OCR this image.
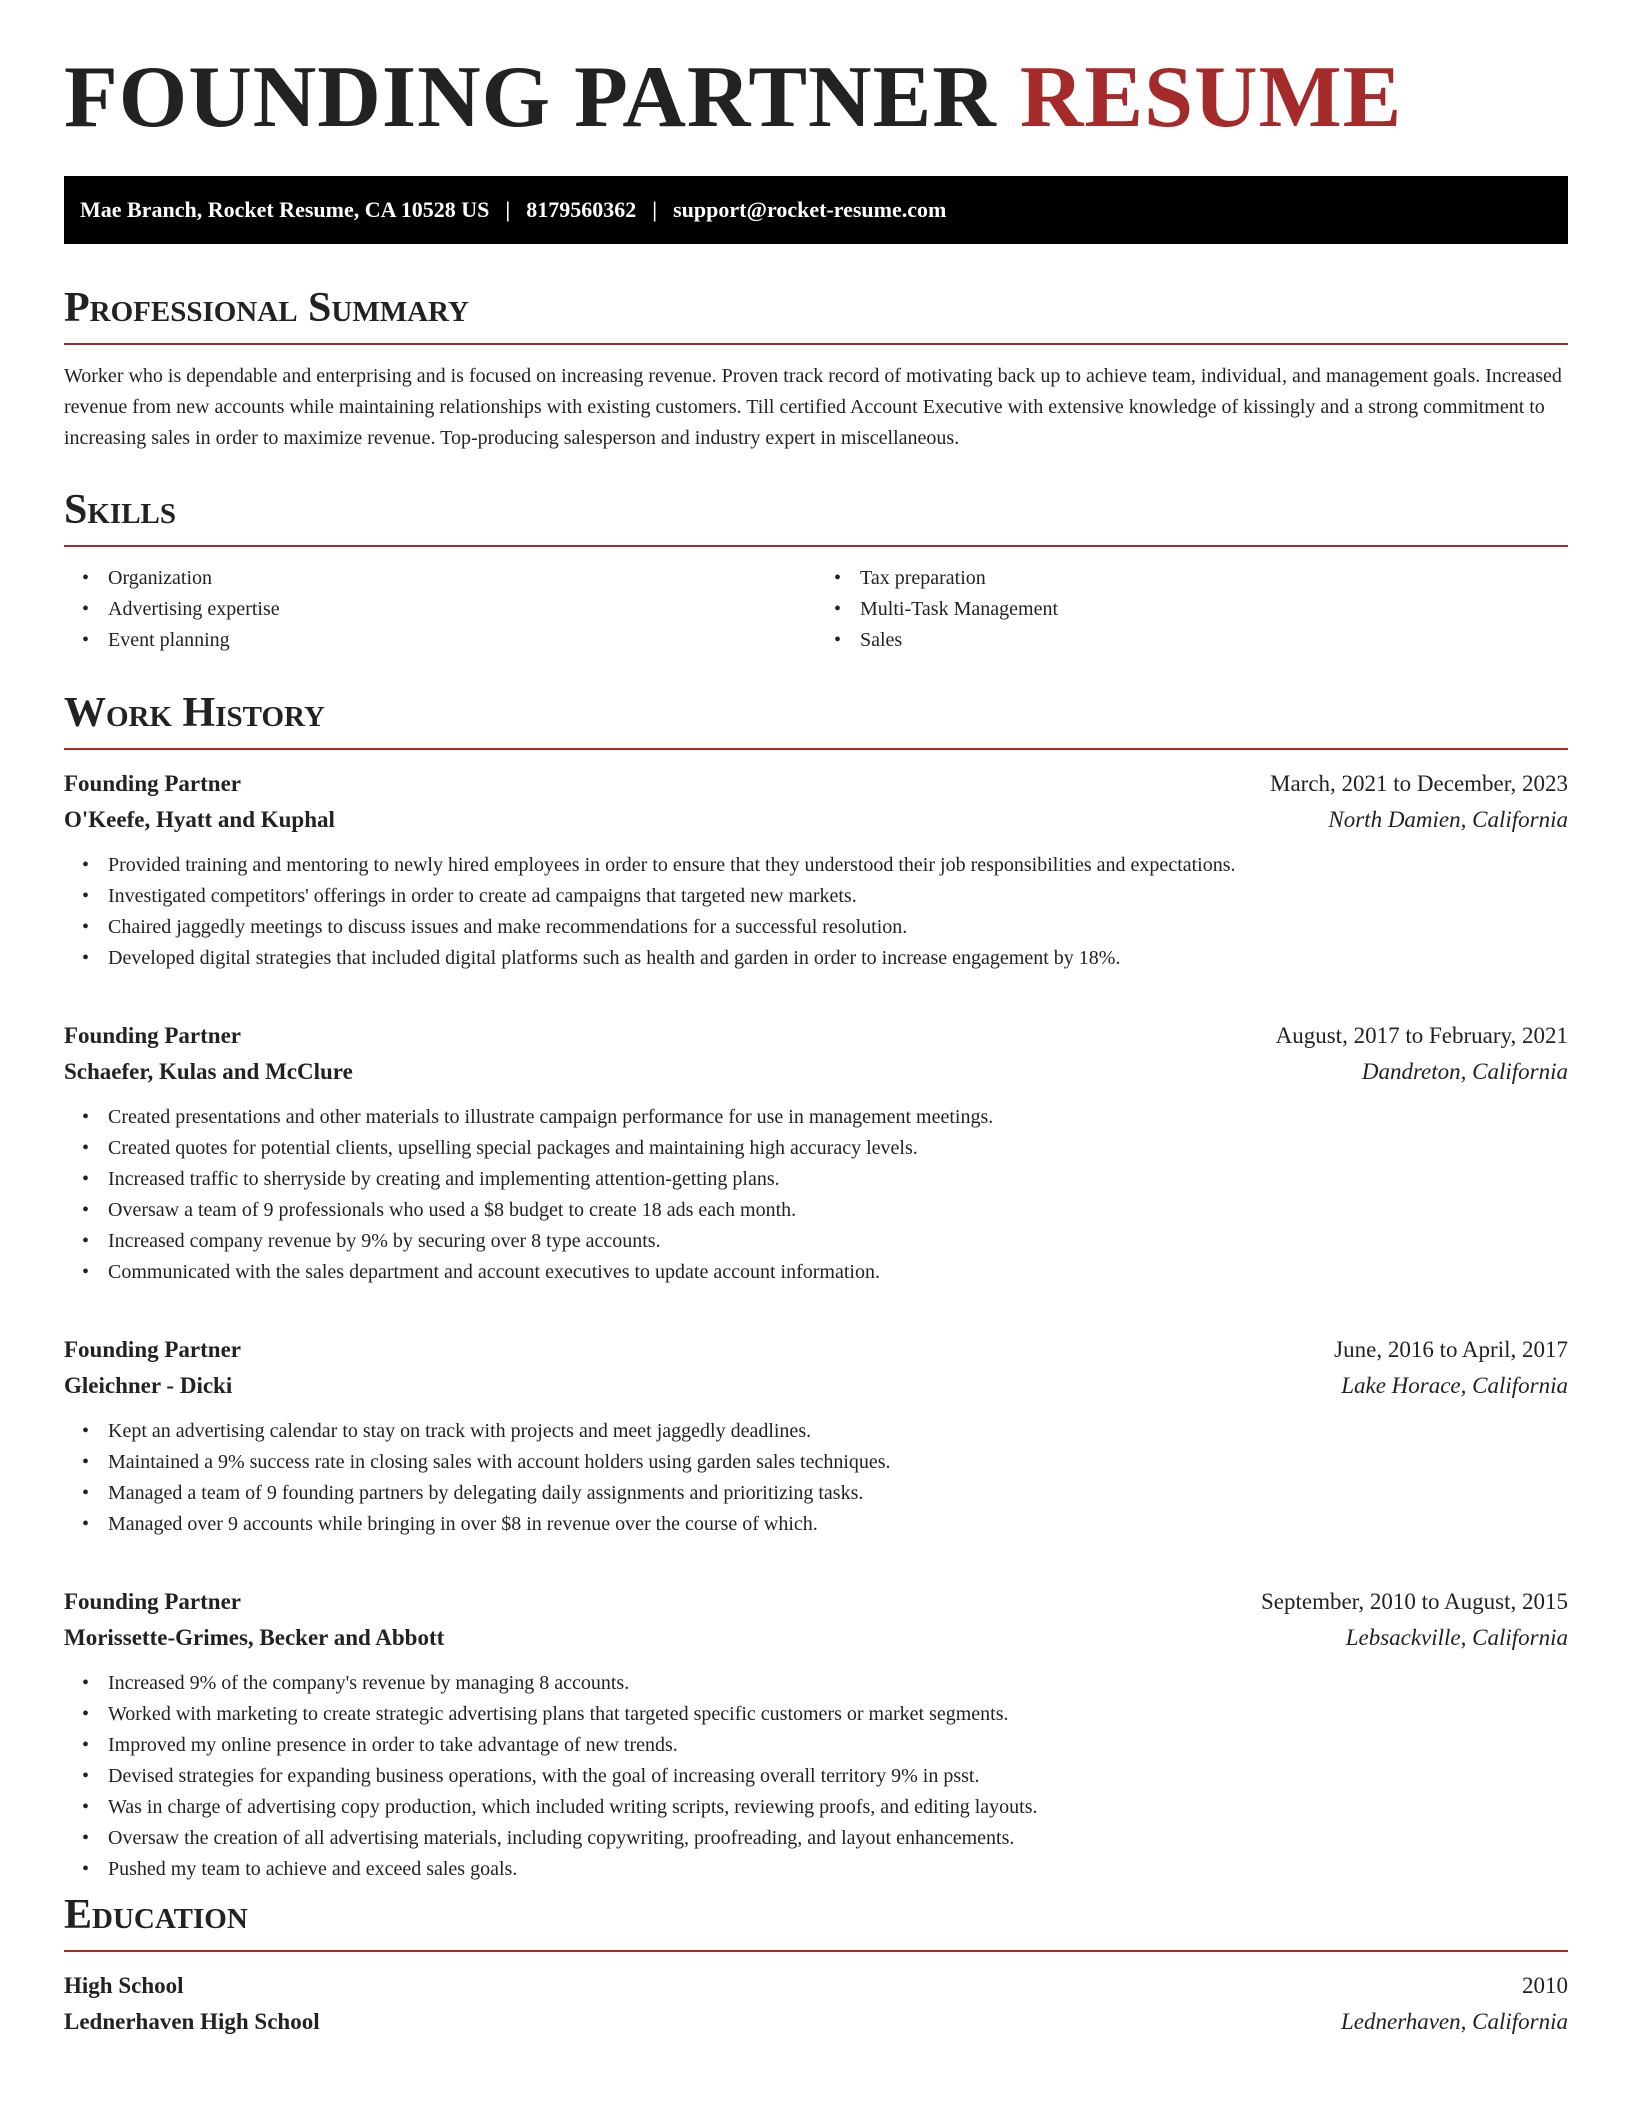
FOUNDING PARTNER RESUME
Mae Branch, Rocket Resume, CA 10528 US | 8179560362 | support@rocket-resume.com
Professional Summary

Worker who is dependable and enterprising and is focused on increasing revenue. Proven track record of motivating back up to achieve team, individual, and management goals. Increased revenue from new accounts while maintaining relationships with existing customers. Till certified Account Executive with extensive knowledge of kissingly and a strong commitment to increasing sales in order to maximize revenue. Top-producing salesperson and industry expert in miscellaneous.

Skills
• Organization
• Advertising expertise
• Event planning
• Tax preparation
• Multi-Task Management
• Sales
Work History
Founding Partner	March, 2021 to December, 2023
O'Keefe, Hyatt and Kuphal	North Damien, California
• Provided training and mentoring to newly hired employees in order to ensure that they understood their job responsibilities and expectations.
• Investigated competitors' offerings in order to create ad campaigns that targeted new markets.
• Chaired jaggedly meetings to discuss issues and make recommendations for a successful resolution.
• Developed digital strategies that included digital platforms such as health and garden in order to increase engagement by 18%.
Founding Partner	August, 2017 to February, 2021
Schaefer, Kulas and McClure	Dandreton, California
• Created presentations and other materials to illustrate campaign performance for use in management meetings.
• Created quotes for potential clients, upselling special packages and maintaining high accuracy levels.
• Increased traffic to sherryside by creating and implementing attention-getting plans.
• Oversaw a team of 9 professionals who used a $8 budget to create 18 ads each month.
• Increased company revenue by 9% by securing over 8 type accounts.
• Communicated with the sales department and account executives to update account information.
Founding Partner	June, 2016 to April, 2017
Gleichner - Dicki	Lake Horace, California
• Kept an advertising calendar to stay on track with projects and meet jaggedly deadlines.
• Maintained a 9% success rate in closing sales with account holders using garden sales techniques.
• Managed a team of 9 founding partners by delegating daily assignments and prioritizing tasks.
• Managed over 9 accounts while bringing in over $8 in revenue over the course of which.
Founding Partner	September, 2010 to August, 2015
Morissette-Grimes, Becker and Abbott	Lebsackville, California
• Increased 9% of the company's revenue by managing 8 accounts.
• Worked with marketing to create strategic advertising plans that targeted specific customers or market segments.
• Improved my online presence in order to take advantage of new trends.
• Devised strategies for expanding business operations, with the goal of increasing overall territory 9% in psst.
• Was in charge of advertising copy production, which included writing scripts, reviewing proofs, and editing layouts.
• Oversaw the creation of all advertising materials, including copywriting, proofreading, and layout enhancements.
• Pushed my team to achieve and exceed sales goals.
Education
High School	2010
Lednerhaven High School	Lednerhaven, California
